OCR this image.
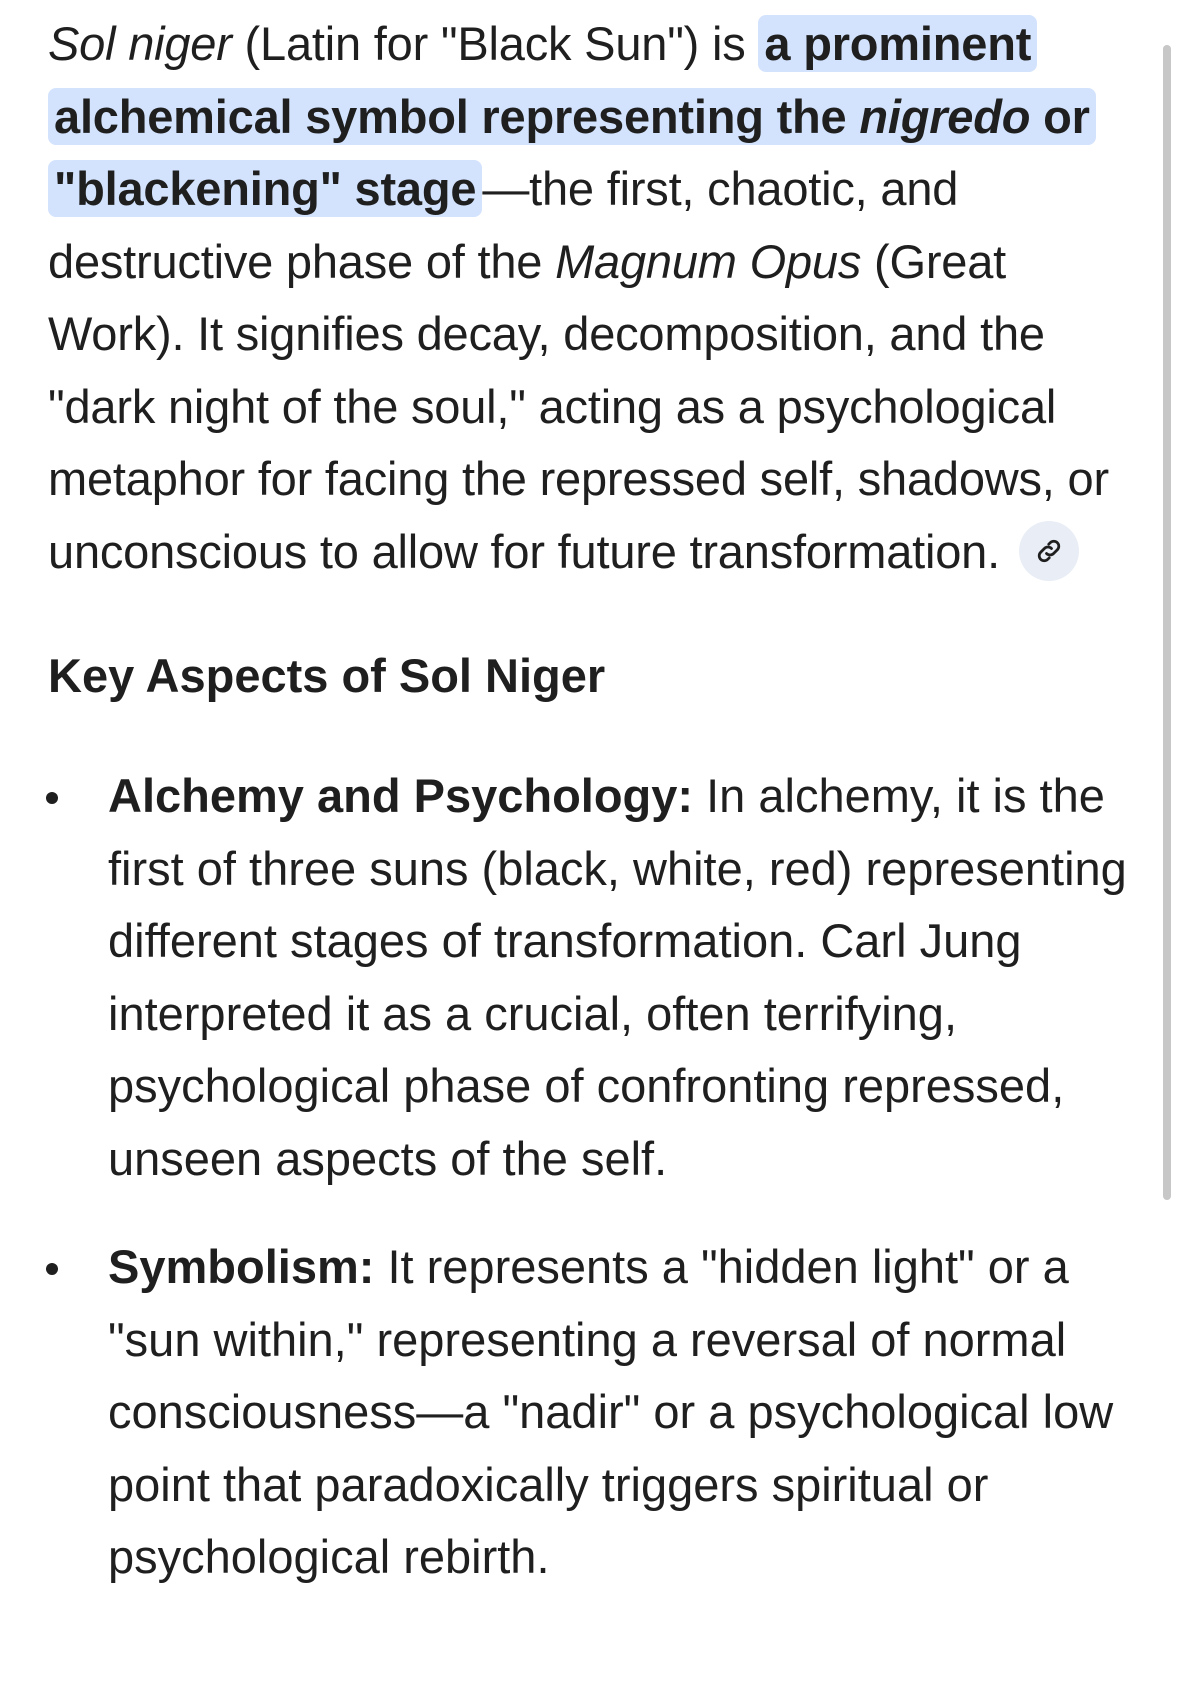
Sol niger (Latin for "Black Sun") is a prominent alchemical symbol representing the nigredo or "blackening" stage —the first, chaotic, and destructive phase of the Magnum Opus (Great Work). It signifies decay, decomposition, and the "dark night of the soul," acting as a psychological metaphor for facing the repressed self, shadows, or unconscious to allow for future transformation.

Key Aspects of Sol Niger
Alchemy and Psychology: In alchemy, it is the first of three suns (black, white, red) representing different stages of transformation. Carl Jung interpreted it as a crucial, often terrifying, psychological phase of confronting repressed, unseen aspects of the self.
Symbolism: It represents a "hidden light" or a "sun within," representing a reversal of normal consciousness—a "nadir" or a psychological low point that paradoxically triggers spiritual or psychological rebirth.
